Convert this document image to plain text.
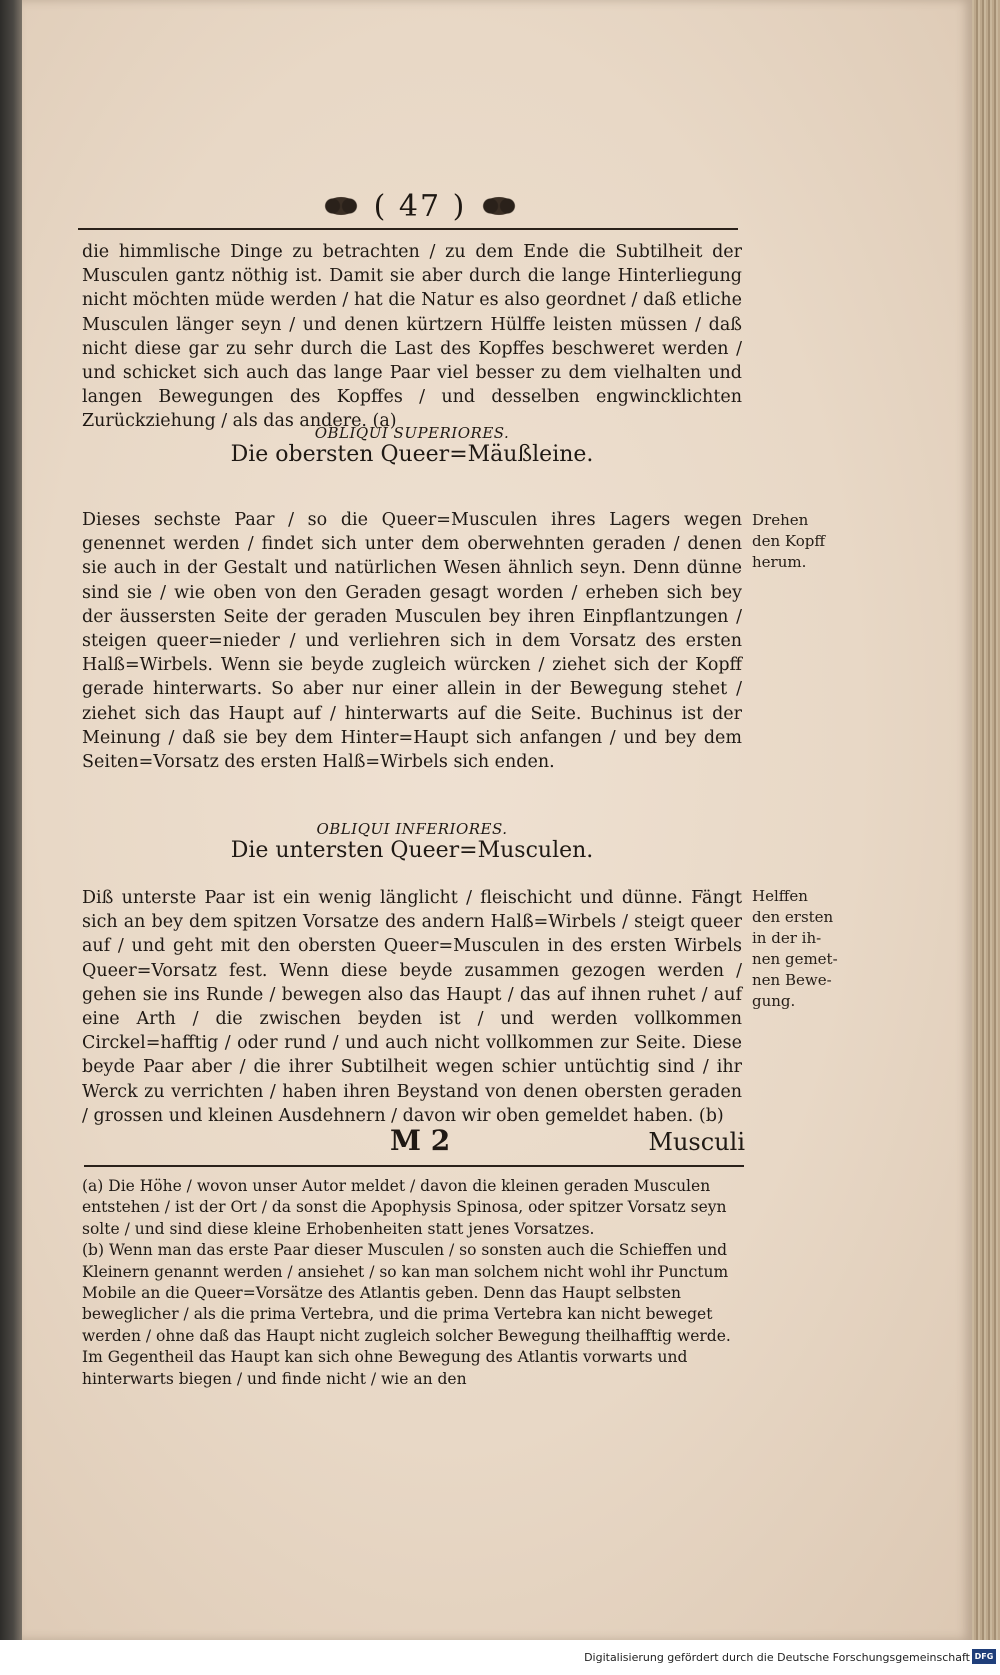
( 47 )

die himmlische Dinge zu betrachten / zu dem Ende die Subtilheit der Musculen gantz nöthig ist. Damit sie aber durch die lange Hinterliegung nicht möchten müde werden / hat die Natur es also geordnet / daß etliche Musculen länger seyn / und denen kürtzern Hülffe leisten müssen / daß nicht diese gar zu sehr durch die Last des Kopffes beschweret werden / und schicket sich auch das lange Paar viel besser zu dem vielhalten und langen Bewegungen des Kopffes / und desselben engwincklichten Zurückziehung / als das andere. (a)

OBLIQUI SUPERIORES.

Die obersten Queer=Mäußleine.

Dieses sechste Paar / so die Queer=Musculen ihres Lagers wegen genennet werden / findet sich unter dem oberwehnten geraden / denen sie auch in der Gestalt und natürlichen Wesen ähnlich seyn. Denn dünne sind sie / wie oben von den Geraden gesagt worden / erheben sich bey der äussersten Seite der geraden Musculen bey ihren Einpflantzungen / steigen queer=nieder / und verliehren sich in dem Vorsatz des ersten Halß=Wirbels. Wenn sie beyde zugleich würcken / ziehet sich der Kopff gerade hinterwarts. So aber nur einer allein in der Bewegung stehet / ziehet sich das Haupt auf / hinterwarts auf die Seite. Buchinus ist der Meinung / daß sie bey dem Hinter=Haupt sich anfangen / und bey dem Seiten=Vorsatz des ersten Halß=Wirbels sich enden.

Drehen
den Kopff
herum.

OBLIQUI INFERIORES.

Die untersten Queer=Musculen.

Diß unterste Paar ist ein wenig länglicht / fleischicht und dünne. Fängt sich an bey dem spitzen Vorsatze des andern Halß=Wirbels / steigt queer auf / und geht mit den obersten Queer=Musculen in des ersten Wirbels Queer=Vorsatz fest. Wenn diese beyde zusammen gezogen werden / gehen sie ins Runde / bewegen also das Haupt / das auf ihnen ruhet / auf eine Arth / die zwischen beyden ist / und werden vollkommen Circkel=hafftig / oder rund / und auch nicht vollkommen zur Seite. Diese beyde Paar aber / die ihrer Subtilheit wegen schier untüchtig sind / ihr Werck zu verrichten / haben ihren Beystand von denen obersten geraden / grossen und kleinen Ausdehnern / davon wir oben gemeldet haben. (b)

Helffen
den ersten
in der ih-
nen gemet-
nen Bewe-
gung.
M 2	Musculi

(a) Die Höhe / wovon unser Autor meldet / davon die kleinen geraden Musculen entstehen / ist der Ort / da sonst die Apophysis Spinosa, oder spitzer Vorsatz seyn solte / und sind diese kleine Erhobenheiten statt jenes Vorsatzes.

(b) Wenn man das erste Paar dieser Musculen / so sonsten auch die Schieffen und Kleinern genannt werden / ansiehet / so kan man solchem nicht wohl ihr Punctum Mobile an die Queer=Vorsätze des Atlantis geben. Denn das Haupt selbsten beweglicher / als die prima Vertebra, und die prima Vertebra kan nicht beweget werden / ohne daß das Haupt nicht zugleich solcher Bewegung theilhafftig werde. Im Gegentheil das Haupt kan sich ohne Bewegung des Atlantis vorwarts und hinterwarts biegen / und finde nicht / wie an den

Digitalisierung gefördert durch die Deutsche Forschungsgemeinschaft DFG
